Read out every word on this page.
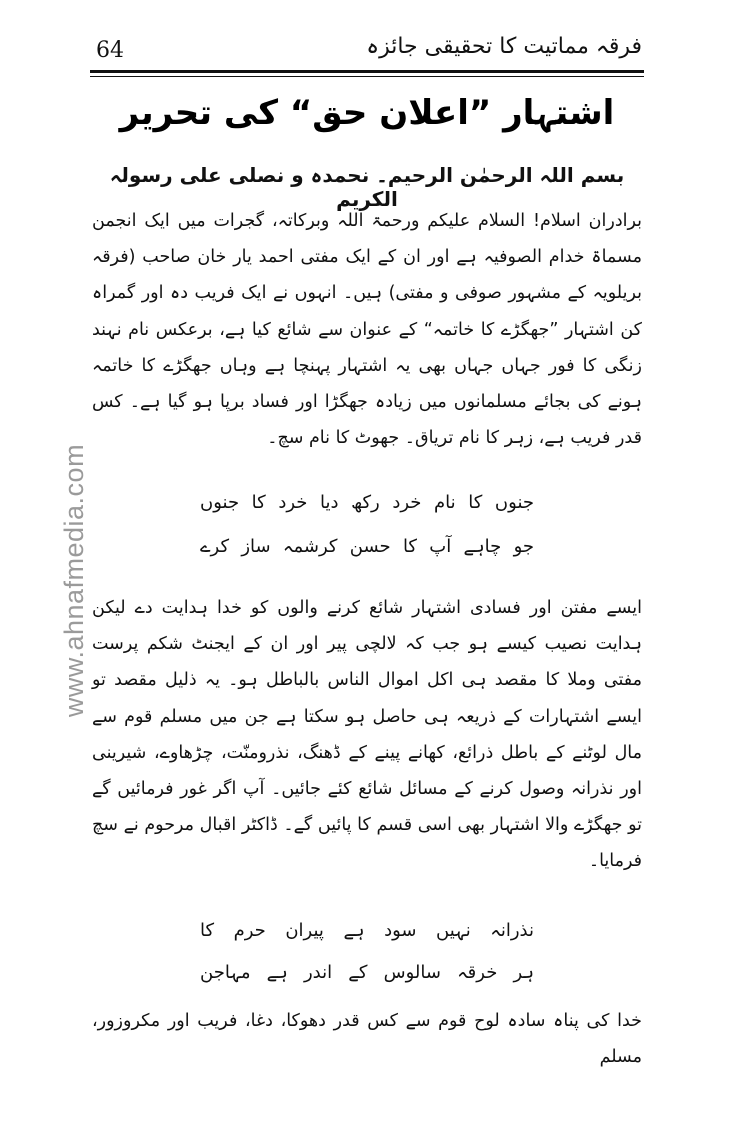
64	فرقہ مماتیت کا تحقیقی جائزہ
www.ahnafmedia.com
اشتہار ”اعلان حق“ کی تحریر
بسم اللہ الرحمٰن الرحیم۔ نحمدہ و نصلی علی رسولہ الکریم

برادران اسلام! السلام علیکم ورحمۃ اللہ وبرکاتہ، گجرات میں ایک انجمن مسماۃ خدام الصوفیہ ہے اور ان کے ایک مفتی احمد یار خان صاحب (فرقہ بریلویہ کے مشہور صوفی و مفتی) ہیں۔ انہوں نے ایک فریب دہ اور گمراہ کن اشتہار ”جھگڑے کا خاتمہ“ کے عنوان سے شائع کیا ہے، برعکس نام نہند زنگی کا فور جہاں جہاں بھی یہ اشتہار پہنچا ہے وہاں جھگڑے کا خاتمہ ہونے کی بجائے مسلمانوں میں زیادہ جھگڑا اور فساد برپا ہو گیا ہے۔ کس قدر فریب ہے، زہر کا نام تریاق۔ جھوٹ کا نام سچ۔

جنوں کا نام خرد رکھ دیا خرد کا جنوں
جو چاہے آپ کا حسن کرشمہ ساز کرے

ایسے مفتن اور فسادی اشتہار شائع کرنے والوں کو خدا ہدایت دے لیکن ہدایت نصیب کیسے ہو جب کہ لالچی پیر اور ان کے ایجنٹ شکم پرست مفتی وملا کا مقصد ہی اکل اموال الناس بالباطل ہو۔ یہ ذلیل مقصد تو ایسے اشتہارات کے ذریعہ ہی حاصل ہو سکتا ہے جن میں مسلم قوم سے مال لوٹنے کے باطل ذرائع، کھانے پینے کے ڈھنگ، نذرومنّت، چڑھاوے، شیرینی اور نذرانہ وصول کرنے کے مسائل شائع کئے جائیں۔ آپ اگر غور فرمائیں گے تو جھگڑے والا اشتہار بھی اسی قسم کا پائیں گے۔ ڈاکٹر اقبال مرحوم نے سچ فرمایا۔

نذرانہ نہیں سود ہے پیران حرم کا
ہر خرقہ سالوس کے اندر ہے مہاجن

خدا کی پناہ سادہ لوح قوم سے کس قدر دھوکا، دغا، فریب اور مکروزور، مسلم
